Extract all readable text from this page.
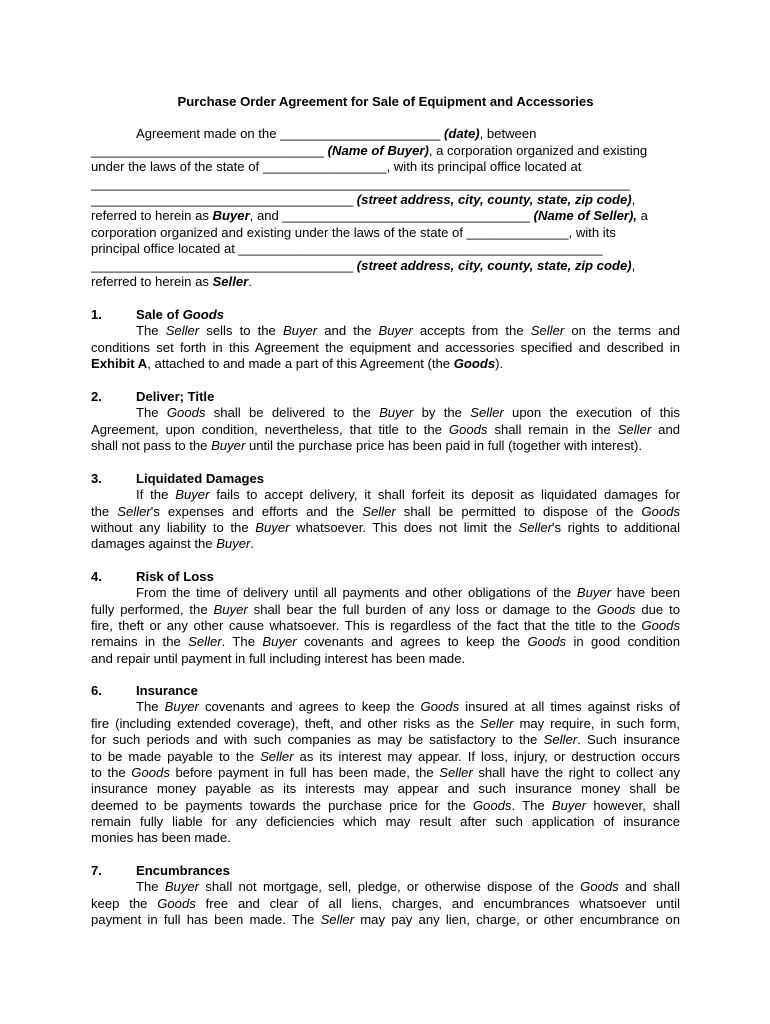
Purchase Order Agreement for Sale of Equipment and Accessories
Agreement made on the ______________________ (date), between
________________________________ (Name of Buyer), a corporation organized and existing
under the laws of the state of _________________, with its principal office located at
__________________________________________________________________________
____________________________________ (street address, city, county, state, zip code),
referred to herein as Buyer, and __________________________________ (Name of Seller), a
corporation organized and existing under the laws of the state of ______________, with its
principal office located at __________________________________________________
____________________________________ (street address, city, county, state, zip code),
referred to herein as Seller.
1.	Sale of Goods
The Seller sells to the Buyer and the Buyer accepts from the Seller on the terms and
conditions set forth in this Agreement the equipment and accessories specified and described in
Exhibit A, attached to and made a part of this Agreement (the Goods).
2.	Deliver; Title
The Goods shall be delivered to the Buyer by the Seller upon the execution of this
Agreement, upon condition, nevertheless, that title to the Goods shall remain in the Seller and
shall not pass to the Buyer until the purchase price has been paid in full (together with interest).
3.	Liquidated Damages
If the Buyer fails to accept delivery, it shall forfeit its deposit as liquidated damages for
the Seller's expenses and efforts and the Seller shall be permitted to dispose of the Goods
without any liability to the Buyer whatsoever. This does not limit the Seller's rights to additional
damages against the Buyer.
4.	Risk of Loss
From the time of delivery until all payments and other obligations of the Buyer have been
fully performed, the Buyer shall bear the full burden of any loss or damage to the Goods due to
fire, theft or any other cause whatsoever. This is regardless of the fact that the title to the Goods
remains in the Seller. The Buyer covenants and agrees to keep the Goods in good condition
and repair until payment in full including interest has been made.
6.	Insurance
The Buyer covenants and agrees to keep the Goods insured at all times against risks of
fire (including extended coverage), theft, and other risks as the Seller may require, in such form,
for such periods and with such companies as may be satisfactory to the Seller. Such insurance
to be made payable to the Seller as its interest may appear. If loss, injury, or destruction occurs
to the Goods before payment in full has been made, the Seller shall have the right to collect any
insurance money payable as its interests may appear and such insurance money shall be
deemed to be payments towards the purchase price for the Goods. The Buyer however, shall
remain fully liable for any deficiencies which may result after such application of insurance
monies has been made.
7.	Encumbrances
The Buyer shall not mortgage, sell, pledge, or otherwise dispose of the Goods and shall
keep the Goods free and clear of all liens, charges, and encumbrances whatsoever until
payment in full has been made. The Seller may pay any lien, charge, or other encumbrance on
